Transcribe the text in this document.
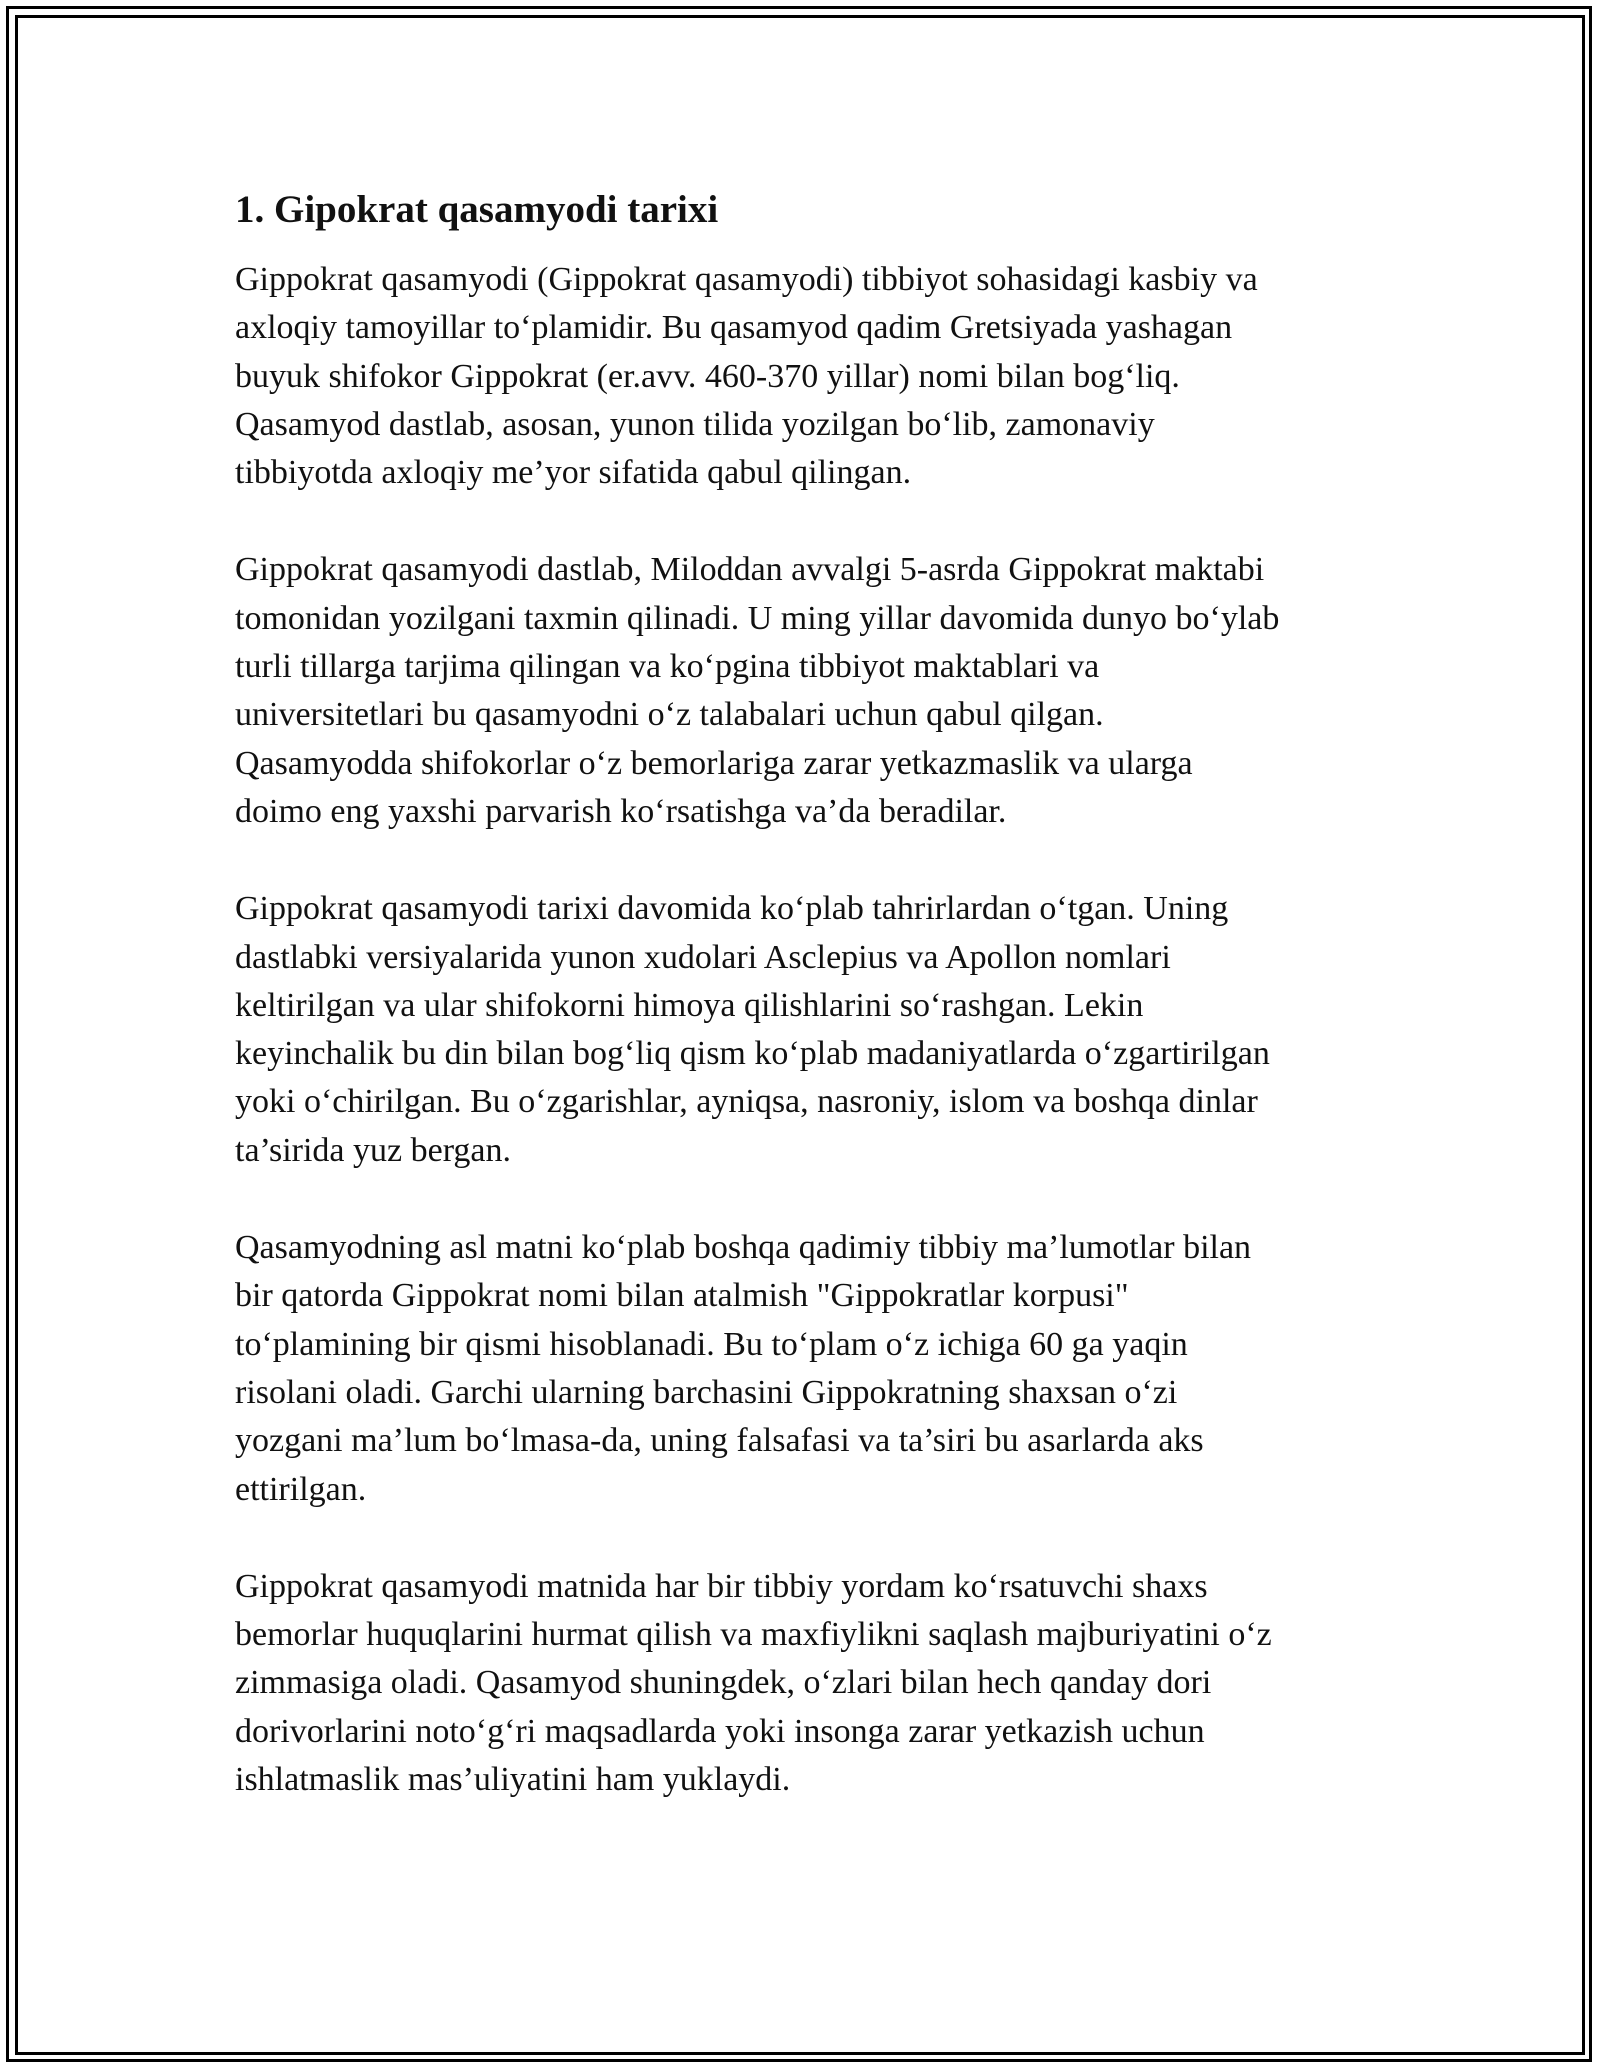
1. Gipokrat qasamyodi tarixi

Gippokrat qasamyodi (Gippokrat qasamyodi) tibbiyot sohasidagi kasbiy va
axloqiy tamoyillar to‘plamidir. Bu qasamyod qadim Gretsiyada yashagan
buyuk shifokor Gippokrat (er.avv. 460-370 yillar) nomi bilan bog‘liq.
Qasamyod dastlab, asosan, yunon tilida yozilgan bo‘lib, zamonaviy
tibbiyotda axloqiy me’yor sifatida qabul qilingan.

Gippokrat qasamyodi dastlab, Miloddan avvalgi 5-asrda Gippokrat maktabi
tomonidan yozilgani taxmin qilinadi. U ming yillar davomida dunyo bo‘ylab
turli tillarga tarjima qilingan va ko‘pgina tibbiyot maktablari va
universitetlari bu qasamyodni o‘z talabalari uchun qabul qilgan.
Qasamyodda shifokorlar o‘z bemorlariga zarar yetkazmaslik va ularga
doimo eng yaxshi parvarish ko‘rsatishga va’da beradilar.

Gippokrat qasamyodi tarixi davomida ko‘plab tahrirlardan o‘tgan. Uning
dastlabki versiyalarida yunon xudolari Asclepius va Apollon nomlari
keltirilgan va ular shifokorni himoya qilishlarini so‘rashgan. Lekin
keyinchalik bu din bilan bog‘liq qism ko‘plab madaniyatlarda o‘zgartirilgan
yoki o‘chirilgan. Bu o‘zgarishlar, ayniqsa, nasroniy, islom va boshqa dinlar
ta’sirida yuz bergan.

Qasamyodning asl matni ko‘plab boshqa qadimiy tibbiy ma’lumotlar bilan
bir qatorda Gippokrat nomi bilan atalmish "Gippokratlar korpusi"
to‘plamining bir qismi hisoblanadi. Bu to‘plam o‘z ichiga 60 ga yaqin
risolani oladi. Garchi ularning barchasini Gippokratning shaxsan o‘zi
yozgani ma’lum bo‘lmasa-da, uning falsafasi va ta’siri bu asarlarda aks
ettirilgan.

Gippokrat qasamyodi matnida har bir tibbiy yordam ko‘rsatuvchi shaxs
bemorlar huquqlarini hurmat qilish va maxfiylikni saqlash majburiyatini o‘z
zimmasiga oladi. Qasamyod shuningdek, o‘zlari bilan hech qanday dori
dorivorlarini noto‘g‘ri maqsadlarda yoki insonga zarar yetkazish uchun
ishlatmaslik mas’uliyatini ham yuklaydi.
